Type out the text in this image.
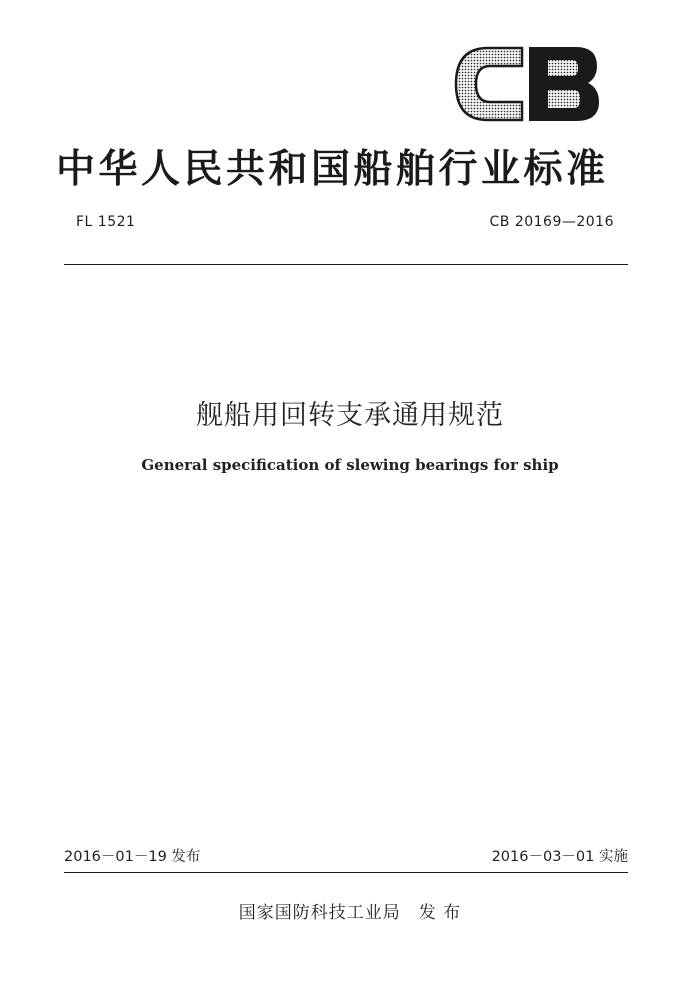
中华人民共和国船舶行业标准
FL 1521	CB 20169—2016
舰船用回转支承通用规范
General specification of slewing bearings for ship
2016－01－19 发布	2016－03－01 实施
国家国防科技工业局 发 布
